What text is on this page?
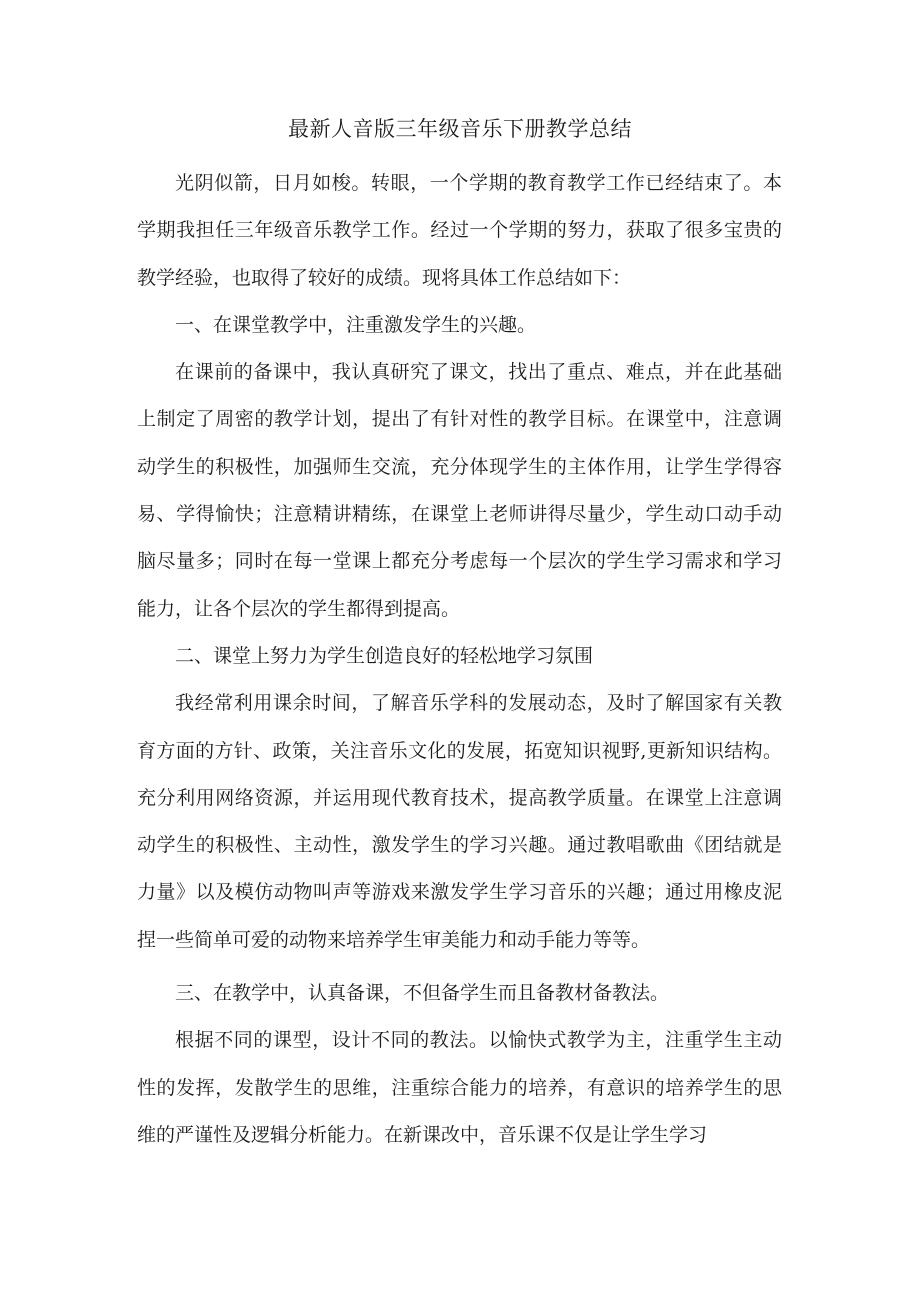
最新人音版三年级音乐下册教学总结

光阴似箭，日月如梭。转眼，一个学期的教育教学工作已经结束了。本学期我担任三年级音乐教学工作。经过一个学期的努力，获取了很多宝贵的教学经验，也取得了较好的成绩。现将具体工作总结如下：

一、在课堂教学中，注重激发学生的兴趣。

在课前的备课中，我认真研究了课文，找出了重点、难点，并在此基础上制定了周密的教学计划，提出了有针对性的教学目标。在课堂中，注意调动学生的积极性，加强师生交流，充分体现学生的主体作用，让学生学得容易、学得愉快；注意精讲精练，在课堂上老师讲得尽量少，学生动口动手动脑尽量多；同时在每一堂课上都充分考虑每一个层次的学生学习需求和学习能力，让各个层次的学生都得到提高。

二、课堂上努力为学生创造良好的轻松地学习氛围

我经常利用课余时间，了解音乐学科的发展动态，及时了解国家有关教育方面的方针、政策，关注音乐文化的发展，拓宽知识视野,更新知识结构。充分利用网络资源，并运用现代教育技术，提高教学质量。在课堂上注意调动学生的积极性、主动性，激发学生的学习兴趣。通过教唱歌曲《团结就是力量》以及模仿动物叫声等游戏来激发学生学习音乐的兴趣；通过用橡皮泥捏一些简单可爱的动物来培养学生审美能力和动手能力等等。

三、在教学中，认真备课，不但备学生而且备教材备教法。

根据不同的课型，设计不同的教法。以愉快式教学为主，注重学生主动性的发挥，发散学生的思维，注重综合能力的培养，有意识的培养学生的思维的严谨性及逻辑分析能力。在新课改中，音乐课不仅是让学生学习
